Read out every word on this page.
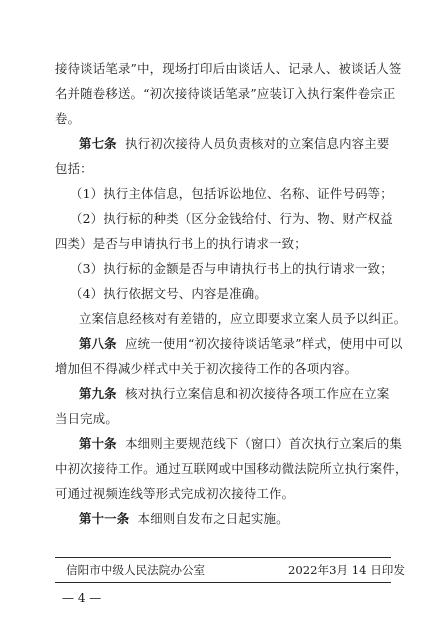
接待谈话笔录”中，现场打印后由谈话人、记录人、被谈话人签
名并随卷移送。“初次接待谈话笔录”应装订入执行案件卷宗正
卷。
第七条 执行初次接待人员负责核对的立案信息内容主要
包括：
（1）执行主体信息，包括诉讼地位、名称、证件号码等；
（2）执行标的种类（区分金钱给付、行为、物、财产权益
四类）是否与申请执行书上的执行请求一致；
（3）执行标的金额是否与申请执行书上的执行请求一致；
（4）执行依据文号、内容是准确。
立案信息经核对有差错的，应立即要求立案人员予以纠正。
第八条 应统一使用“初次接待谈话笔录”样式，使用中可以
增加但不得减少样式中关于初次接待工作的各项内容。
第九条 核对执行立案信息和初次接待各项工作应在立案
当日完成。
第十条 本细则主要规范线下（窗口）首次执行立案后的集
中初次接待工作。通过互联网或中国移动微法院所立执行案件，
可通过视频连线等形式完成初次接待工作。
第十一条 本细则自发布之日起实施。
信阳市中级人民法院办公室	2022年3月 14 日印发
— 4 —
